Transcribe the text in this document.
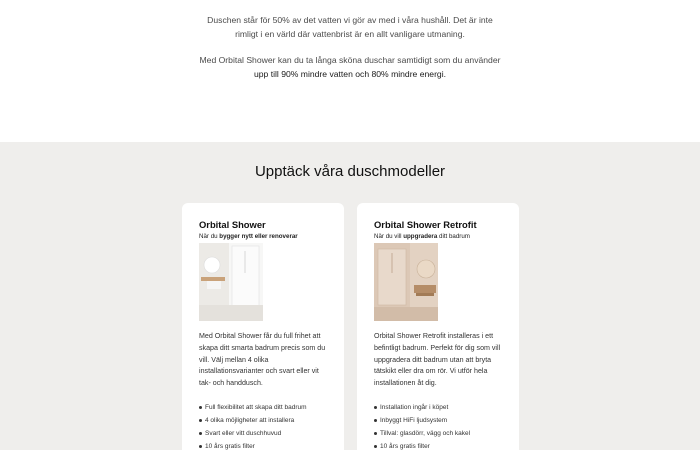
Duschen står för 50% av det vatten vi gör av med i våra hushåll. Det är inte
rimligt i en värld där vattenbrist är en allt vanligare utmaning.

Med Orbital Shower kan du ta långa sköna duschar samtidigt som du använder
upp till 90% mindre vatten och 80% mindre energi.

Upptäck våra duschmodeller
Orbital Shower
När du bygger nytt eller renoverar

Med Orbital Shower får du full frihet att skapa ditt smarta badrum precis som du vill. Välj mellan 4 olika installationsvarianter och svart eller vit tak- och handdusch.

Full flexibilitet att skapa ditt badrum
4 olika möjligheter att installera
Svart eller vitt duschhuvud
10 års gratis filter
Orbital Shower Retrofit
När du vill uppgradera ditt badrum

Orbital Shower Retrofit installeras i ett befintligt badrum. Perfekt för dig som vill uppgradera ditt badrum utan att bryta tätskikt eller dra om rör. Vi utför hela installationen åt dig.

Installation ingår i köpet
Inbyggt HiFi ljudsystem
Tillval: glasdörr, vägg och kakel
10 års gratis filter
